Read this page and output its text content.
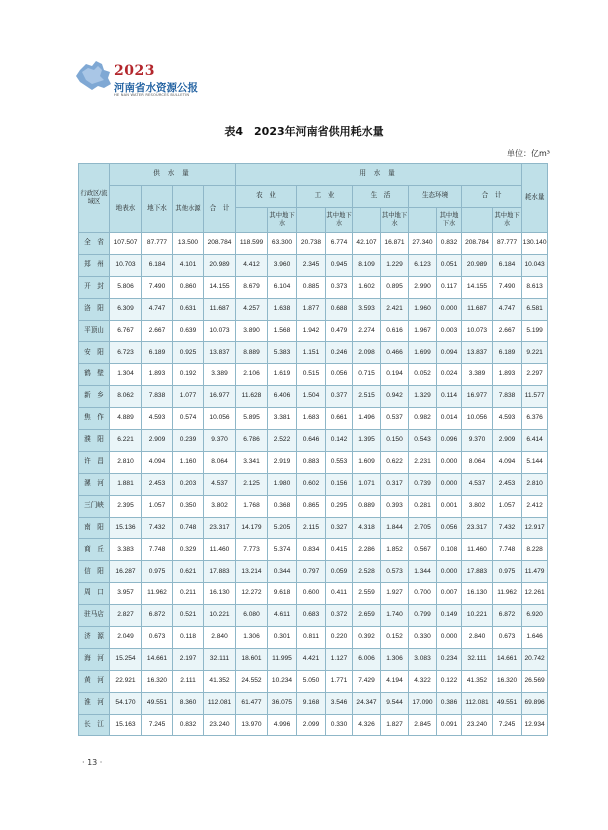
2023
河南省水资源公报
HE NAN WATER RESOURCES BULLETIN
表4　2023年河南省供用耗水量
单位：亿m³
行政区/流域区	供 水 量				用 水 量										耗水量
	地表水	地下水	其他水源	合　计	农　业		工　业		生　活		生态环境		合　计		
						其中地下水		其中地下水		其中地下水		其中地下水		其中地下水	
全　省	107.507	87.777	13.500	208.784	118.599	63.300	20.738	6.774	42.107	16.871	27.340	0.832	208.784	87.777	130.140
郑　州	10.703	6.184	4.101	20.989	4.412	3.960	2.345	0.945	8.109	1.229	6.123	0.051	20.989	6.184	10.043
开　封	5.806	7.490	0.860	14.155	8.679	6.104	0.885	0.373	1.602	0.895	2.990	0.117	14.155	7.490	8.613
洛　阳	6.309	4.747	0.631	11.687	4.257	1.638	1.877	0.688	3.593	2.421	1.960	0.000	11.687	4.747	6.581
平顶山	6.767	2.667	0.639	10.073	3.890	1.568	1.942	0.479	2.274	0.616	1.967	0.003	10.073	2.667	5.199
安　阳	6.723	6.189	0.925	13.837	8.889	5.383	1.151	0.246	2.098	0.466	1.699	0.094	13.837	6.189	9.221
鹤　壁	1.304	1.893	0.192	3.389	2.106	1.619	0.515	0.056	0.715	0.194	0.052	0.024	3.389	1.893	2.297
新　乡	8.062	7.838	1.077	16.977	11.628	6.406	1.504	0.377	2.515	0.942	1.329	0.114	16.977	7.838	11.577
焦　作	4.889	4.593	0.574	10.056	5.895	3.381	1.683	0.661	1.496	0.537	0.982	0.014	10.056	4.593	6.376
濮　阳	6.221	2.909	0.239	9.370	6.786	2.522	0.646	0.142	1.395	0.150	0.543	0.096	9.370	2.909	6.414
许　昌	2.810	4.094	1.160	8.064	3.341	2.919	0.883	0.553	1.609	0.622	2.231	0.000	8.064	4.094	5.144
漯　河	1.881	2.453	0.203	4.537	2.125	1.980	0.602	0.156	1.071	0.317	0.739	0.000	4.537	2.453	2.810
三门峡	2.395	1.057	0.350	3.802	1.768	0.368	0.865	0.295	0.889	0.393	0.281	0.001	3.802	1.057	2.412
南　阳	15.136	7.432	0.748	23.317	14.179	5.205	2.115	0.327	4.318	1.844	2.705	0.056	23.317	7.432	12.917
商　丘	3.383	7.748	0.329	11.460	7.773	5.374	0.834	0.415	2.286	1.852	0.567	0.108	11.460	7.748	8.228
信　阳	16.287	0.975	0.621	17.883	13.214	0.344	0.797	0.059	2.528	0.573	1.344	0.000	17.883	0.975	11.479
周　口	3.957	11.962	0.211	16.130	12.272	9.618	0.600	0.411	2.559	1.927	0.700	0.007	16.130	11.962	12.261
驻马店	2.827	6.872	0.521	10.221	6.080	4.611	0.683	0.372	2.659	1.740	0.799	0.149	10.221	6.872	6.920
济　源	2.049	0.673	0.118	2.840	1.306	0.301	0.811	0.220	0.392	0.152	0.330	0.000	2.840	0.673	1.646
海　河	15.254	14.661	2.197	32.111	18.601	11.995	4.421	1.127	6.006	1.306	3.083	0.234	32.111	14.661	20.742
黄　河	22.921	16.320	2.111	41.352	24.552	10.234	5.050	1.771	7.429	4.194	4.322	0.122	41.352	16.320	26.569
淮　河	54.170	49.551	8.360	112.081	61.477	36.075	9.168	3.546	24.347	9.544	17.090	0.386	112.081	49.551	69.896
长　江	15.163	7.245	0.832	23.240	13.970	4.996	2.099	0.330	4.326	1.827	2.845	0.091	23.240	7.245	12.934
· 13 ·
